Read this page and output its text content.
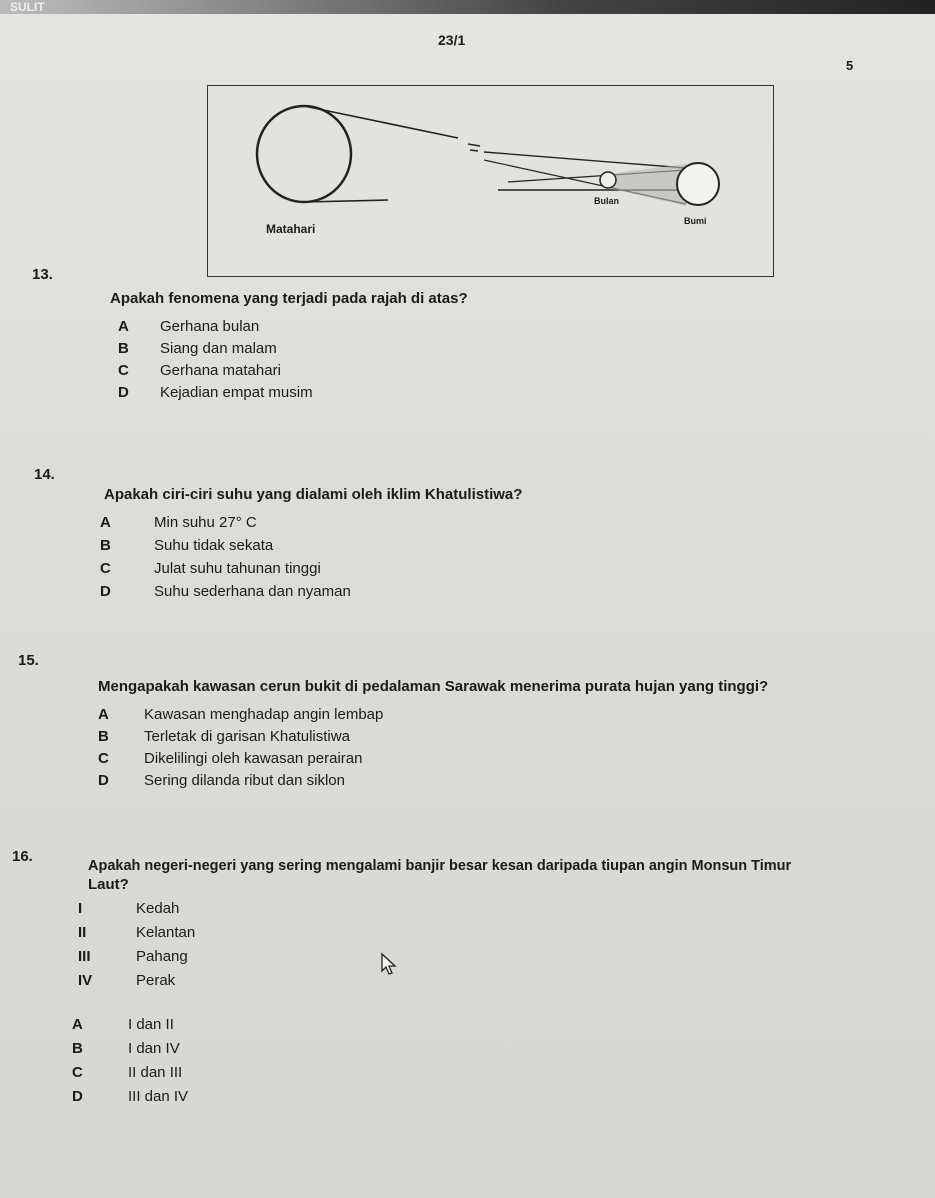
SULIT
23/1
5
Matahari
Bulan
Bumi
13.
Apakah fenomena yang terjadi pada rajah di atas?
A Gerhana bulan
B Siang dan malam
C Gerhana matahari
D Kejadian empat musim
14.
Apakah ciri-ciri suhu yang dialami oleh iklim Khatulistiwa?
A	Min suhu 27° C
B	Suhu tidak sekata
C	Julat suhu tahunan tinggi
D	Suhu sederhana dan nyaman
15.
Mengapakah kawasan cerun bukit di pedalaman Sarawak menerima purata hujan yang tinggi?
A Kawasan menghadap angin lembap
B Terletak di garisan Khatulistiwa
C Dikelilingi oleh kawasan perairan
D Sering dilanda ribut dan siklon
16.
Apakah negeri-negeri yang sering mengalami banjir besar kesan daripada tiupan angin Monsun Timur
Laut?
I	Kedah
II	Kelantan
III	Pahang
IV	Perak
A	I dan II
B	I dan IV
C	II dan III
D	III dan IV
